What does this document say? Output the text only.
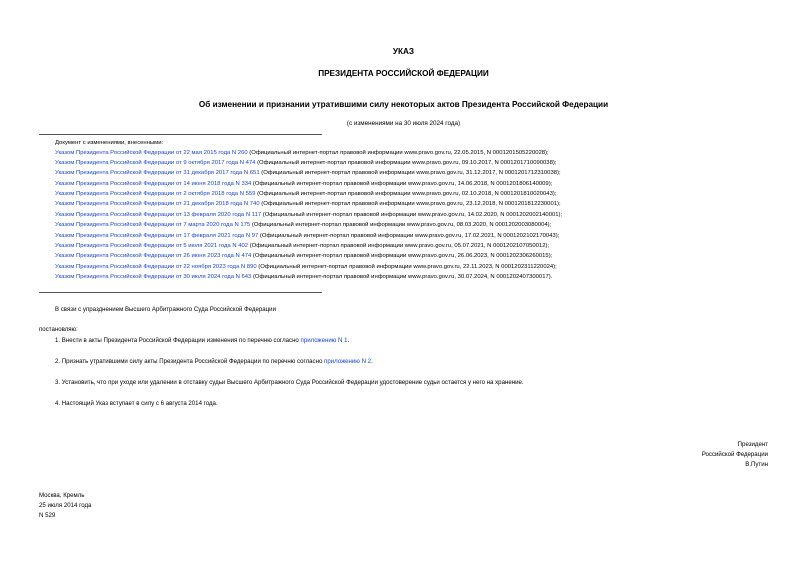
УКАЗ
ПРЕЗИДЕНТА РОССИЙСКОЙ ФЕДЕРАЦИИ
Об изменении и признании утратившими силу некоторых актов Президента Российской Федерации
(с изменениями на 30 июля 2024 года)
Документ с изменениями, внесенными:
Указом Президента Российской Федерации от 22 мая 2015 года N 260 (Официальный интернет-портал правовой информации www.pravo.gov.ru, 22.05.2015, N 0001201505220028);
Указом Президента Российской Федерации от 9 октября 2017 года N 474 (Официальный интернет-портал правовой информации www.pravo.gov.ru, 09.10.2017, N 0001201710090038);
Указом Президента Российской Федерации от 31 декабря 2017 года N 651 (Официальный интернет-портал правовой информации www.pravo.gov.ru, 31.12.2017, N 0001201712310038);
Указом Президента Российской Федерации от 14 июня 2018 года N 334 (Официальный интернет-портал правовой информации www.pravo.gov.ru, 14.06.2018, N 0001201806140009);
Указом Президента Российской Федерации от 2 октября 2018 года N 559 (Официальный интернет-портал правовой информации www.pravo.gov.ru, 02.10.2018, N 0001201810020043);
Указом Президента Российской Федерации от 21 декабря 2018 года N 740 (Официальный интернет-портал правовой информации www.pravo.gov.ru, 23.12.2018, N 0001201812230001);
Указом Президента Российской Федерации от 13 февраля 2020 года N 117 (Официальный интернет-портал правовой информации www.pravo.gov.ru, 14.02.2020, N 0001202002140001);
Указом Президента Российской Федерации от 7 марта 2020 года N 175 (Официальный интернет-портал правовой информации www.pravo.gov.ru, 08.03.2020, N 0001202003080004);
Указом Президента Российской Федерации от 17 февраля 2021 года N 97 (Официальный интернет-портал правовой информации www.pravo.gov.ru, 17.02.2021, N 0001202102170043);
Указом Президента Российской Федерации от 5 июля 2021 года N 402 (Официальный интернет-портал правовой информации www.pravo.gov.ru, 05.07.2021, N 0001202107050012);
Указом Президента Российской Федерации от 26 июня 2023 года N 474 (Официальный интернет-портал правовой информации www.pravo.gov.ru, 26.06.2023, N 0001202306260015);
Указом Президента Российской Федерации от 22 ноября 2023 года N 890 (Официальный интернет-портал правовой информации www.pravo.gov.ru, 22.11.2023, N 0001202311220024);
Указом Президента Российской Федерации от 30 июля 2024 года N 643 (Официальный интернет-портал правовой информации www.pravo.gov.ru, 30.07.2024, N 0001202407300017).
В связи с упразднением Высшего Арбитражного Суда Российской Федерации
постановляю:
1. Внести в акты Президента Российской Федерации изменения по перечню согласно приложению N 1.
2. Признать утратившими силу акты Президента Российской Федерации по перечню согласно приложению N 2.
3. Установить, что при уходе или удалении в отставку судьи Высшего Арбитражного Суда Российской Федерации удостоверение судьи остается у него на хранение.
4. Настоящий Указ вступает в силу с 6 августа 2014 года.
Президент
Российской Федерации
В.Путин
Москва, Кремль
25 июля 2014 года
N 529
